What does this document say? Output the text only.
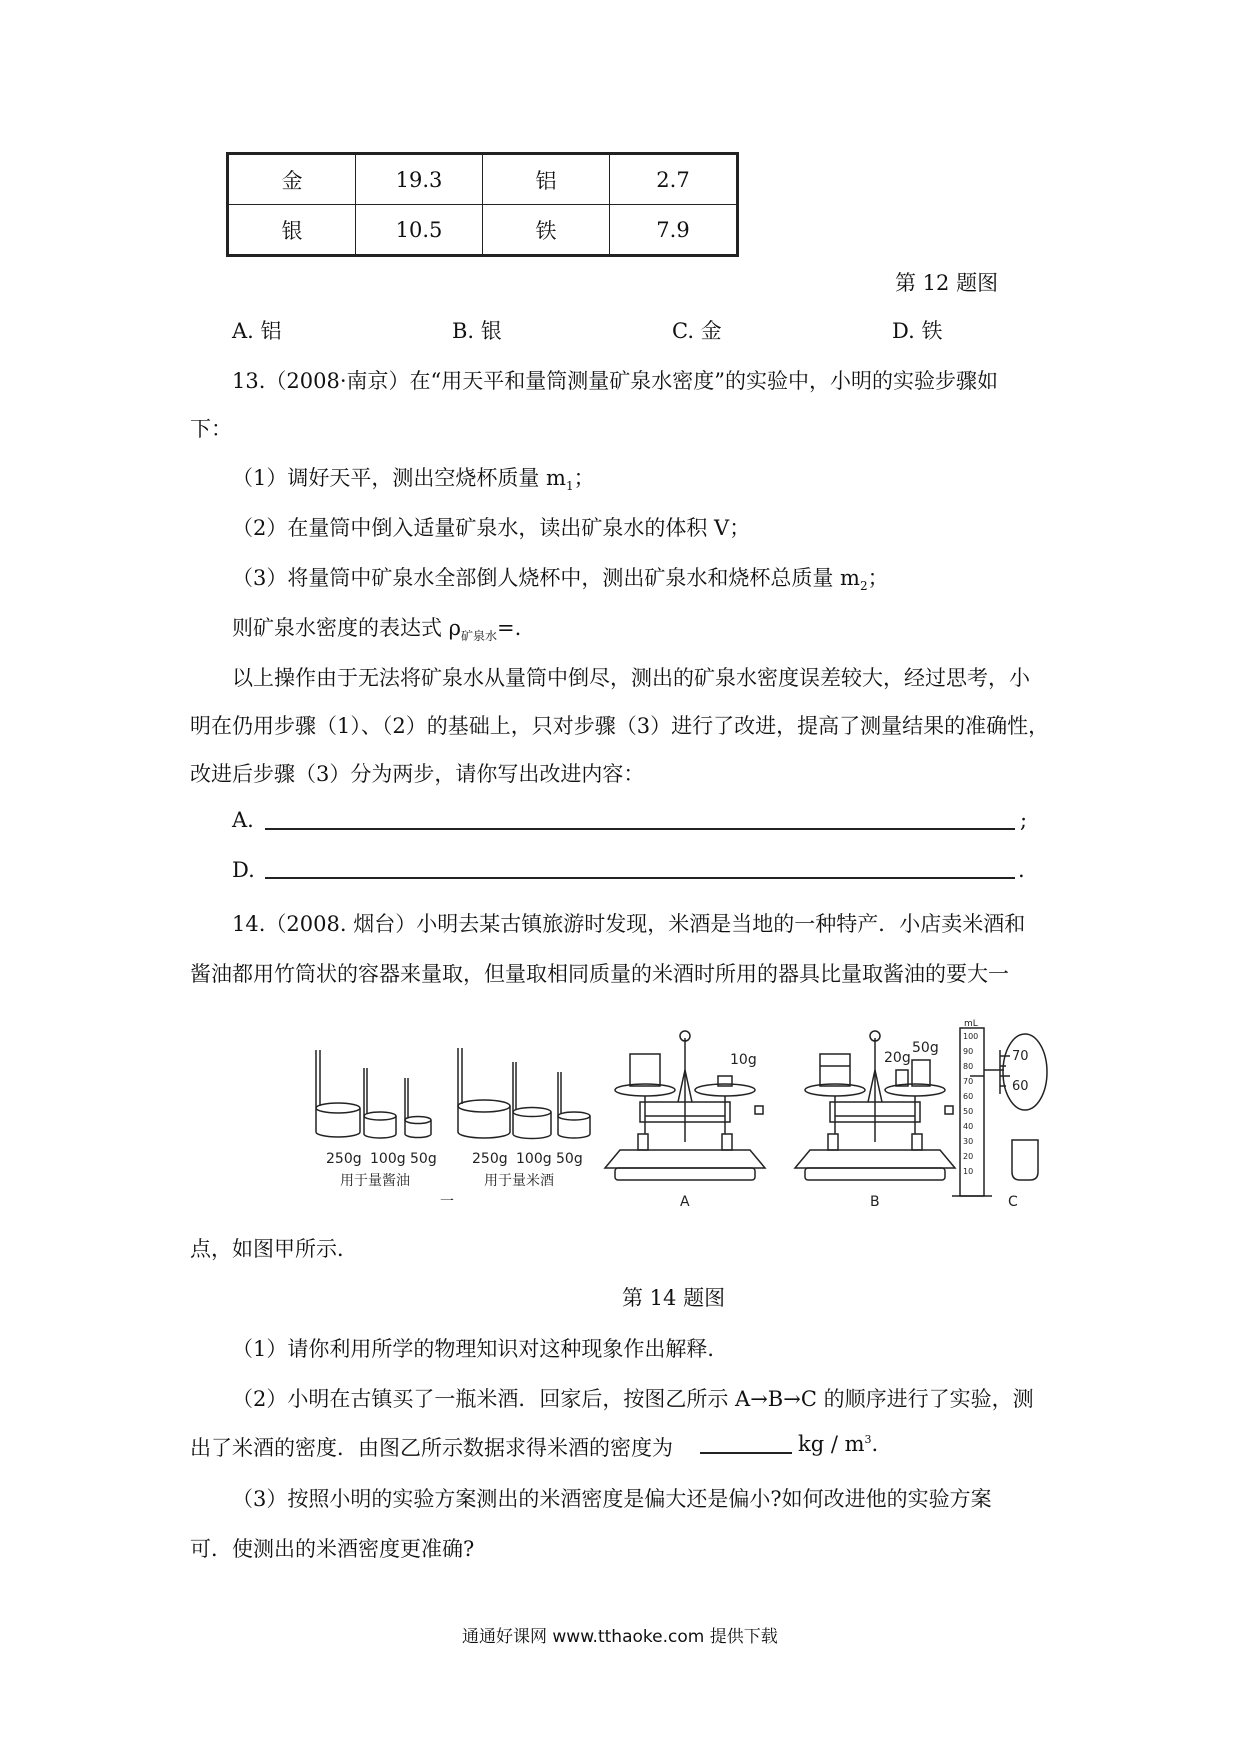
金	19.3	铝	2.7
银	10.5	铁	7.9
第 12 题图
A. 铝	B. 银	C. 金	D. 铁
13.（2008·南京）在“用天平和量筒测量矿泉水密度”的实验中，小明的实验步骤如
下：
（1）调好天平，测出空烧杯质量 $m_1$；
（2）在量筒中倒入适量矿泉水，读出矿泉水的体积 V；
（3）将量筒中矿泉水全部倒人烧杯中，测出矿泉水和烧杯总质量 $m_2$；
则矿泉水密度的表达式 $\rho_{矿泉水}=$.
以上操作由于无法将矿泉水从量筒中倒尽，测出的矿泉水密度误差较大，经过思考，小
明在仍用步骤（1）、（2）的基础上，只对步骤（3）进行了改进，提高了测量结果的准确性，
改进后步骤（3）分为两步，请你写出改进内容：
A.	;
D.	.
14.（2008. 烟台）小明去某古镇旅游时发现，米酒是当地的一种特产．小店卖米酒和
酱油都用竹筒状的容器来量取，但量取相同质量的米酒时所用的器具比量取酱油的要大一
250g 100g 50g
用于量酱油
250g 100g 50g
用于量米酒
一
10g	20g
50g
mL
100
90
80
70
60
50
40
30
20
10
70
60
A	B	C
点，如图甲所示．
第 14 题图
（1）请你利用所学的物理知识对这种现象作出解释．
（2）小明在古镇买了一瓶米酒．回家后，按图乙所示 A→B→C 的顺序进行了实验，测
出了米酒的密度．由图乙所示数据求得米酒的密度为	kg / $m^3$.
（3）按照小明的实验方案测出的米酒密度是偏大还是偏小?如何改进他的实验方案
可．使测出的米酒密度更准确?
通通好课网 www.tthaoke.com 提供下载
